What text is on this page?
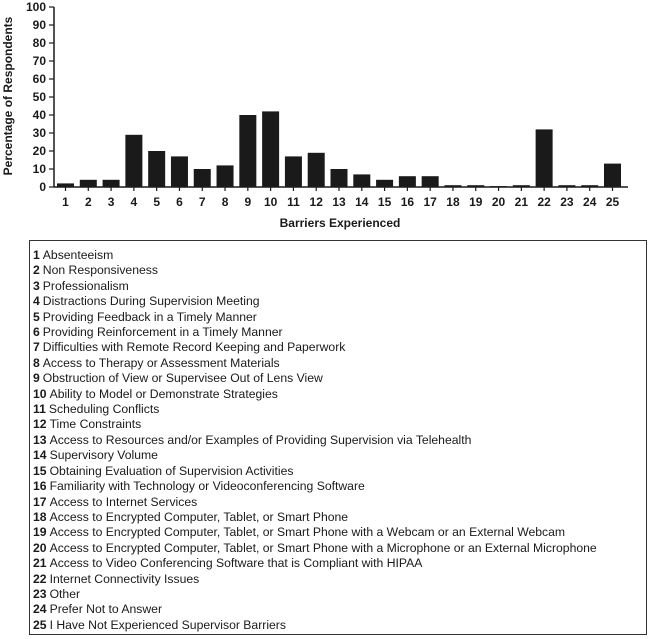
0
10
20
30
40
50
60
70
80
90
100
1 2 3 4 5 6 7 8 9 10 11 12 13 14 15 16 17 18 19 20 21 22 23 24 25
Percentage of Respondents
Barriers Experienced
1 Absenteeism
2 Non Responsiveness
3 Professionalism
4 Distractions During Supervision Meeting
5 Providing Feedback in a Timely Manner
6 Providing Reinforcement in a Timely Manner
7 Difficulties with Remote Record Keeping and Paperwork
8 Access to Therapy or Assessment Materials
9 Obstruction of View or Supervisee Out of Lens View
10 Ability to Model or Demonstrate Strategies
11 Scheduling Conflicts
12 Time Constraints
13 Access to Resources and/or Examples of Providing Supervision via Telehealth
14 Supervisory Volume
15 Obtaining Evaluation of Supervision Activities
16 Familiarity with Technology or Videoconferencing Software
17 Access to Internet Services
18 Access to Encrypted Computer, Tablet, or Smart Phone
19 Access to Encrypted Computer, Tablet, or Smart Phone with a Webcam or an External Webcam
20 Access to Encrypted Computer, Tablet, or Smart Phone with a Microphone or an External Microphone
21 Access to Video Conferencing Software that is Compliant with HIPAA
22 Internet Connectivity Issues
23 Other
24 Prefer Not to Answer
25 I Have Not Experienced Supervisor Barriers
